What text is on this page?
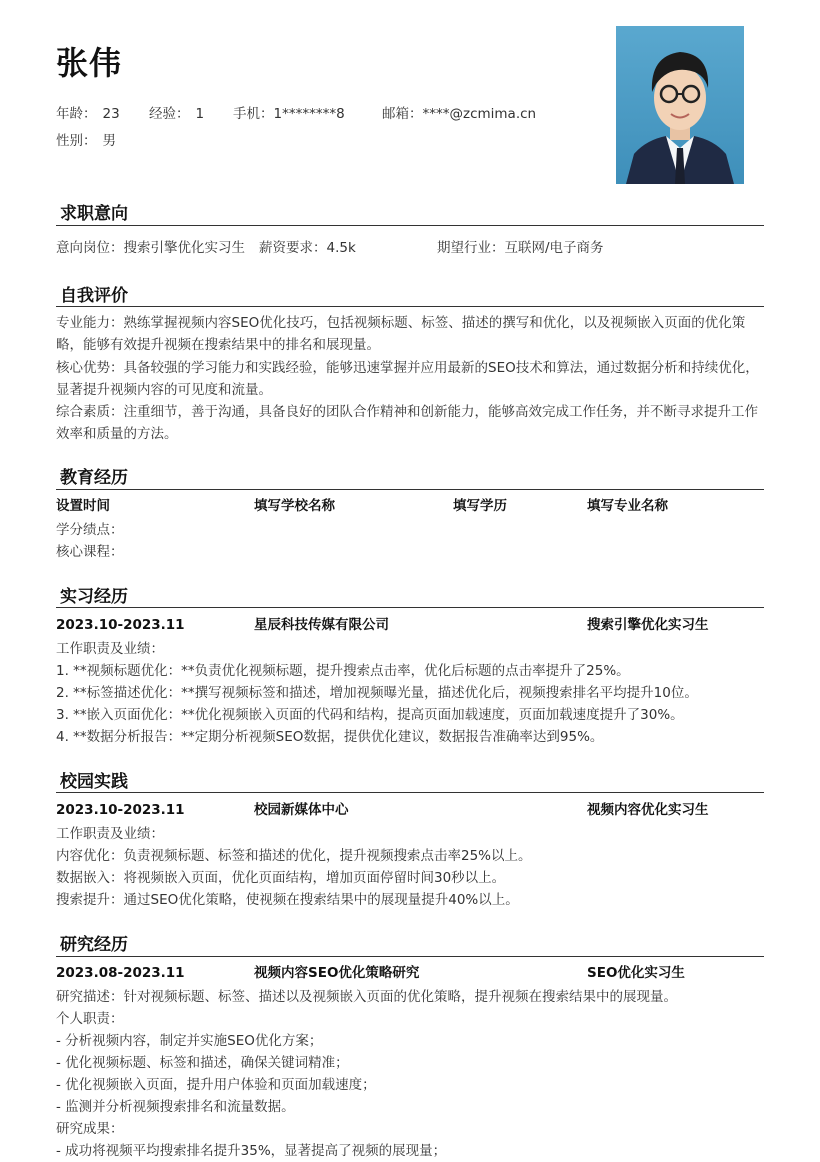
张伟
年龄： 23 经验： 1 手机：1********8	邮箱：****@zcmima.cn
性别： 男
求职意向
意向岗位：搜索引擎优化实习生 薪资要求：4.5k	期望行业：互联网/电子商务
自我评价
专业能力：熟练掌握视频内容SEO优化技巧，包括视频标题、标签、描述的撰写和优化，以及视频嵌入页面的优化策略，能够有效提升视频在搜索结果中的排名和展现量。
核心优势：具备较强的学习能力和实践经验，能够迅速掌握并应用最新的SEO技术和算法，通过数据分析和持续优化，显著提升视频内容的可见度和流量。
综合素质：注重细节，善于沟通，具备良好的团队合作精神和创新能力，能够高效完成工作任务，并不断寻求提升工作效率和质量的方法。
教育经历
设置时间	填写学校名称	填写学历	填写专业名称
学分绩点：
核心课程：
实习经历
2023.10-2023.11	星辰科技传媒有限公司	搜索引擎优化实习生
工作职责及业绩：
1. **视频标题优化：**负责优化视频标题，提升搜索点击率，优化后标题的点击率提升了25%。
2. **标签描述优化：**撰写视频标签和描述，增加视频曝光量，描述优化后，视频搜索排名平均提升10位。
3. **嵌入页面优化：**优化视频嵌入页面的代码和结构，提高页面加载速度，页面加载速度提升了30%。
4. **数据分析报告：**定期分析视频SEO数据，提供优化建议，数据报告准确率达到95%。
校园实践
2023.10-2023.11	校园新媒体中心	视频内容优化实习生
工作职责及业绩：
内容优化：负责视频标题、标签和描述的优化，提升视频搜索点击率25%以上。
数据嵌入：将视频嵌入页面，优化页面结构，增加页面停留时间30秒以上。
搜索提升：通过SEO优化策略，使视频在搜索结果中的展现量提升40%以上。
研究经历
2023.08-2023.11	视频内容SEO优化策略研究	SEO优化实习生
研究描述：针对视频标题、标签、描述以及视频嵌入页面的优化策略，提升视频在搜索结果中的展现量。
个人职责：
- 分析视频内容，制定并实施SEO优化方案；
- 优化视频标题、标签和描述，确保关键词精准；
- 优化视频嵌入页面，提升用户体验和页面加载速度；
- 监测并分析视频搜索排名和流量数据。
研究成果：
- 成功将视频平均搜索排名提升35%，显著提高了视频的展现量；
